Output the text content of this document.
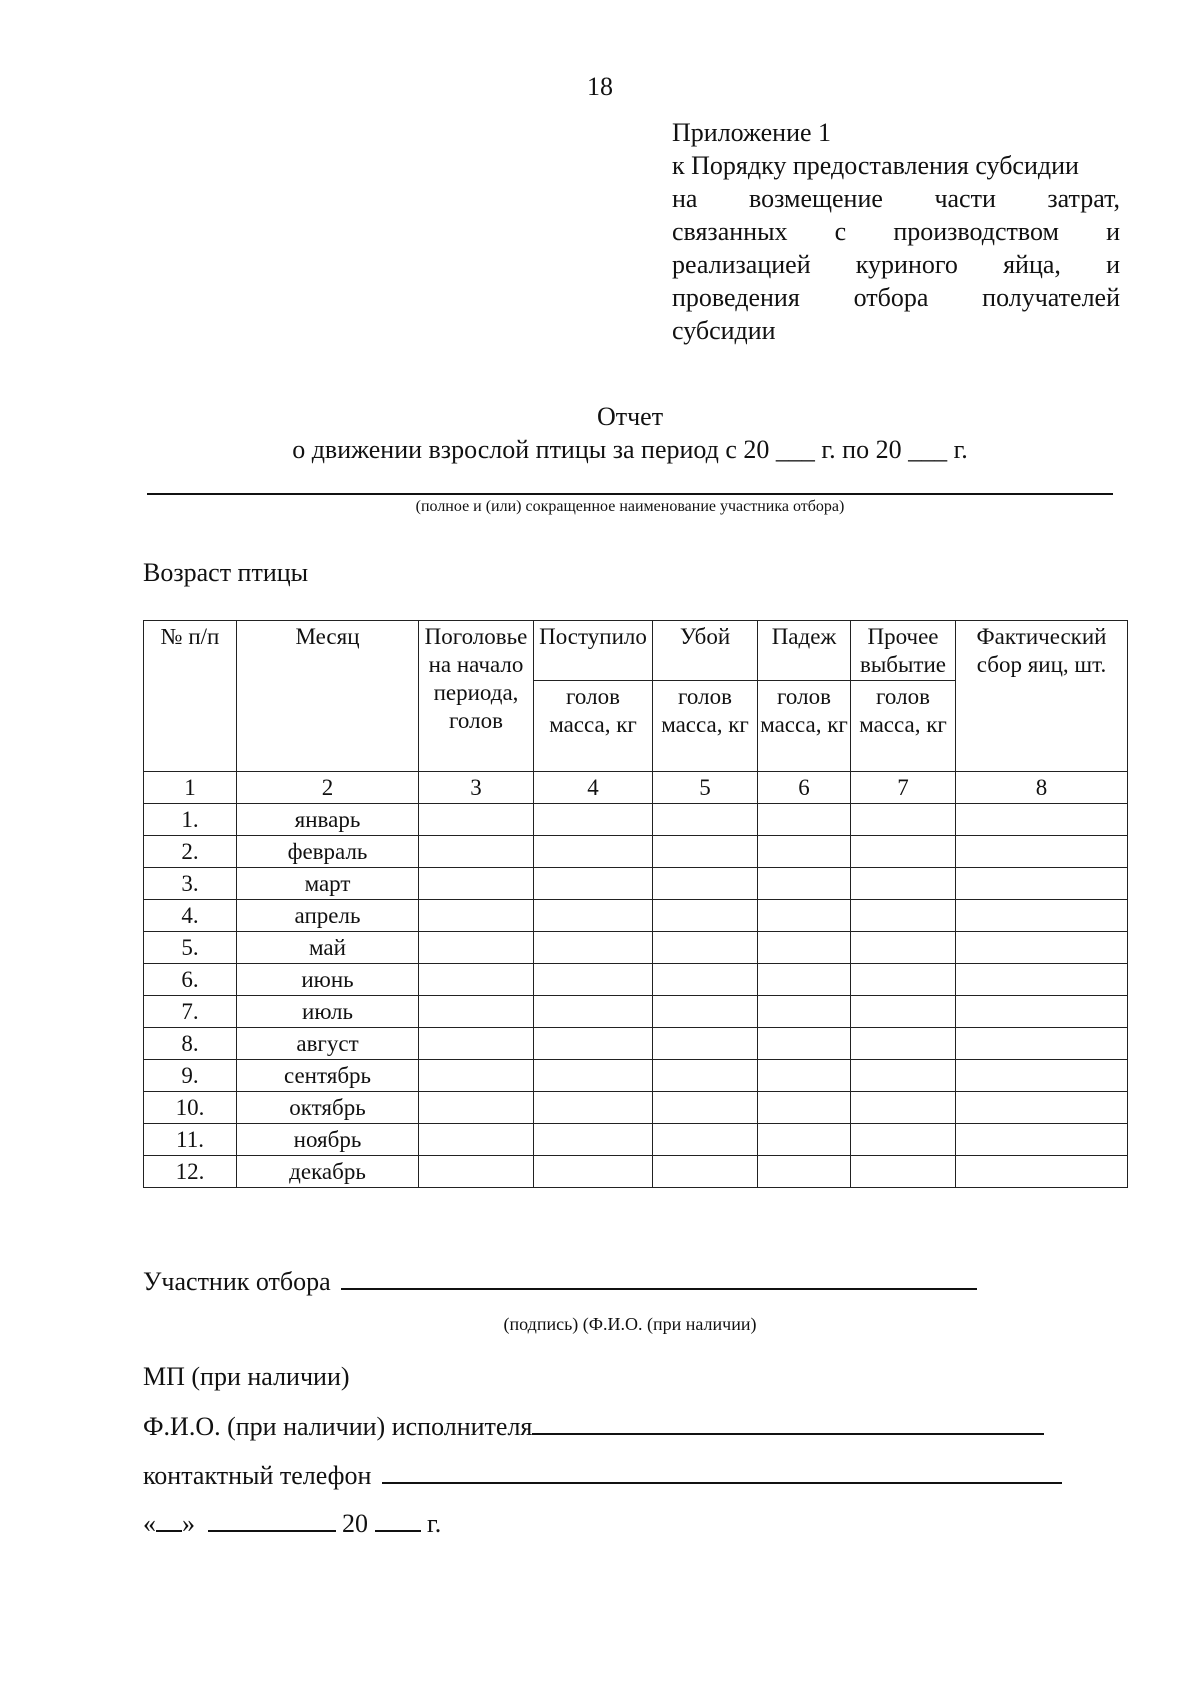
18
Приложение 1
к Порядку предоставления субсидии
на возмещение части затрат,
связанных с производством и
реализацией куриного яйца, и
проведения отбора получателей
субсидии
Отчет
о движении взрослой птицы за период с 20 ___ г. по 20 ___ г.
(полное и (или) сокращенное наименование участника отбора)
Возраст птицы
№ п/п	Месяц	Поголовье на начало периода, голов	Поступило	Убой	Падеж	Прочее выбытие	Фактический сбор яиц, шт.
			голов масса, кг	голов масса, кг	голов масса, кг	голов масса, кг	
1	2	3	4	5	6	7	8
1.	январь						
2.	февраль						
3.	март						
4.	апрель						
5.	май						
6.	июнь						
7.	июль						
8.	август						
9.	сентябрь						
10.	октябрь						
11.	ноябрь						
12.	декабрь						
Участник отбора
(подпись) (Ф.И.О. (при наличии)
МП (при наличии)
Ф.И.О. (при наличии) исполнителя
контактный телефон
« »	20 г.
